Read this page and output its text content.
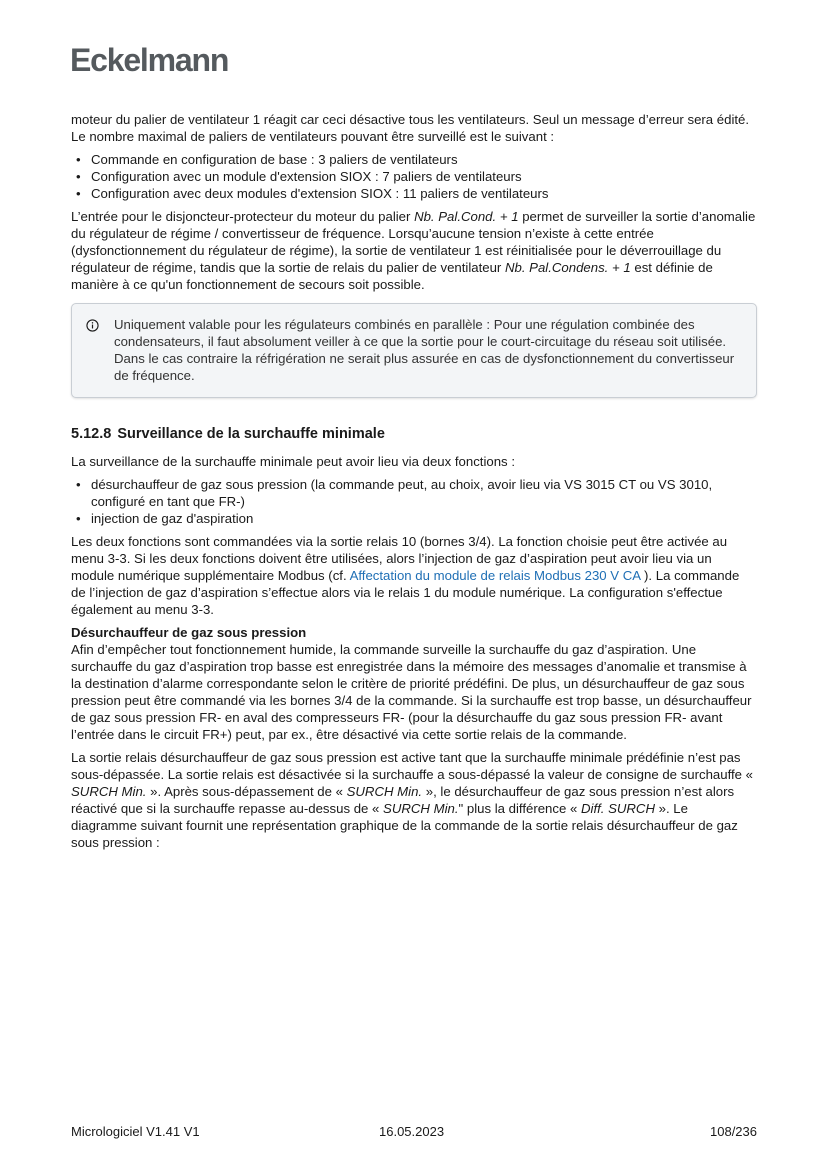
Eckelmann

moteur du palier de ventilateur 1 réagit car ceci désactive tous les ventilateurs. Seul un message d’erreur sera édité. Le nombre maximal de paliers de ventilateurs pouvant être surveillé est le suivant :

• Commande en configuration de base : 3 paliers de ventilateurs
• Configuration avec un module d'extension SIOX : 7 paliers de ventilateurs
• Configuration avec deux modules d'extension SIOX : 11 paliers de ventilateurs

L’entrée pour le disjoncteur-protecteur du moteur du palier Nb. Pal.Cond. + 1 permet de surveiller la sortie d’anomalie du régulateur de régime / convertisseur de fréquence. Lorsqu’aucune tension n’existe à cette entrée (dysfonctionnement du régulateur de régime), la sortie de ventilateur 1 est réinitialisée pour le déverrouillage du régulateur de régime, tandis que la sortie de relais du palier de ventilateur Nb. Pal.Condens. + 1 est définie de manière à ce qu'un fonctionnement de secours soit possible.

Uniquement valable pour les régulateurs combinés en parallèle : Pour une régulation combinée des condensateurs, il faut absolument veiller à ce que la sortie pour le court-circuitage du réseau soit utilisée. Dans le cas contraire la réfrigération ne serait plus assurée en cas de dysfonctionnement du convertisseur de fréquence.

5.12.8 Surveillance de la surchauffe minimale

La surveillance de la surchauffe minimale peut avoir lieu via deux fonctions :

• désurchauffeur de gaz sous pression (la commande peut, au choix, avoir lieu via VS 3015 CT ou VS 3010, configuré en tant que FR-)
• injection de gaz d'aspiration

Les deux fonctions sont commandées via la sortie relais 10 (bornes 3/4). La fonction choisie peut être activée au menu 3-3. Si les deux fonctions doivent être utilisées, alors l’injection de gaz d’aspiration peut avoir lieu via un module numérique supplémentaire Modbus (cf. Affectation du module de relais Modbus 230 V CA ). La commande de l’injection de gaz d’aspiration s’effectue alors via le relais 1 du module numérique. La configuration s'effectue également au menu 3-3.

Désurchauffeur de gaz sous pression

Afin d’empêcher tout fonctionnement humide, la commande surveille la surchauffe du gaz d’aspiration. Une surchauffe du gaz d’aspiration trop basse est enregistrée dans la mémoire des messages d’anomalie et transmise à la destination d’alarme correspondante selon le critère de priorité prédéfini. De plus, un désurchauffeur de gaz sous pression peut être commandé via les bornes 3/4 de la commande. Si la surchauffe est trop basse, un désurchauffeur de gaz sous pression FR- en aval des compresseurs FR- (pour la désurchauffe du gaz sous pression FR- avant l’entrée dans le circuit FR+) peut, par ex., être désactivé via cette sortie relais de la commande.

La sortie relais désurchauffeur de gaz sous pression est active tant que la surchauffe minimale prédéfinie n’est pas sous-dépassée. La sortie relais est désactivée si la surchauffe a sous-dépassé la valeur de consigne de surchauffe « SURCH Min. ». Après sous-dépassement de « SURCH Min. », le désurchauffeur de gaz sous pression n’est alors réactivé que si la surchauffe repasse au-dessus de « SURCH Min." plus la différence « Diff. SURCH ». Le diagramme suivant fournit une représentation graphique de la commande de la sortie relais désurchauffeur de gaz sous pression :

Micrologiciel V1.41 V1	16.05.2023	108/236
